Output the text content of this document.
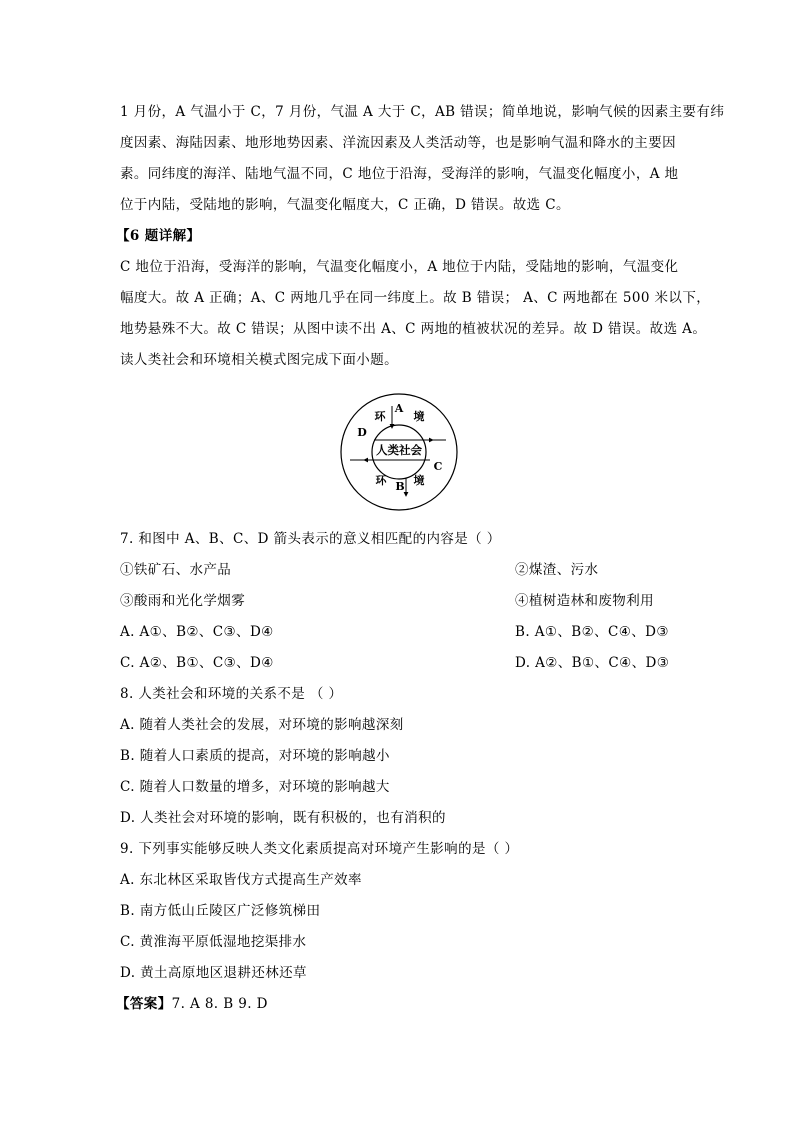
1 月份，A 气温小于 C，7 月份，气温 A 大于 C，AB 错误；简单地说，影响气候的因素主要有纬
度因素、海陆因素、地形地势因素、洋流因素及人类活动等，也是影响气温和降水的主要因
素。同纬度的海洋、陆地气温不同，C 地位于沿海，受海洋的影响，气温变化幅度小，A 地
位于内陆，受陆地的影响，气温变化幅度大，C 正确，D 错误。故选 C。
【6 题详解】
C 地位于沿海，受海洋的影响，气温变化幅度小，A 地位于内陆，受陆地的影响，气温变化
幅度大。故 A 正确；A、C 两地几乎在同一纬度上。故 B 错误； A、C 两地都在 500 米以下，
地势悬殊不大。故 C 错误；从图中读不出 A、C 两地的植被状况的差异。故 D 错误。故选 A。
读人类社会和环境相关模式图完成下面小题。
A
B
C
D
环	境
环 境
人类社会
7. 和图中 A、B、C、D 箭头表示的意义相匹配的内容是（ ）
①铁矿石、水产品	②煤渣、污水
③酸雨和光化学烟雾	④植树造林和废物利用
A. A①、B②、C③、D④	B. A①、B②、C④、D③
C. A②、B①、C③、D④	D. A②、B①、C④、D③
8. 人类社会和环境的关系不是 （ ）
A. 随着人类社会的发展，对环境的影响越深刻
B. 随着人口素质的提高，对环境的影响越小
C. 随着人口数量的增多，对环境的影响越大
D. 人类社会对环境的影响，既有积极的，也有消积的
9. 下列事实能够反映人类文化素质提高对环境产生影响的是（ ）
A. 东北林区采取皆伐方式提高生产效率
B. 南方低山丘陵区广泛修筑梯田
C. 黄淮海平原低湿地挖渠排水
D. 黄土高原地区退耕还林还草
【答案】7. A 8. B 9. D
